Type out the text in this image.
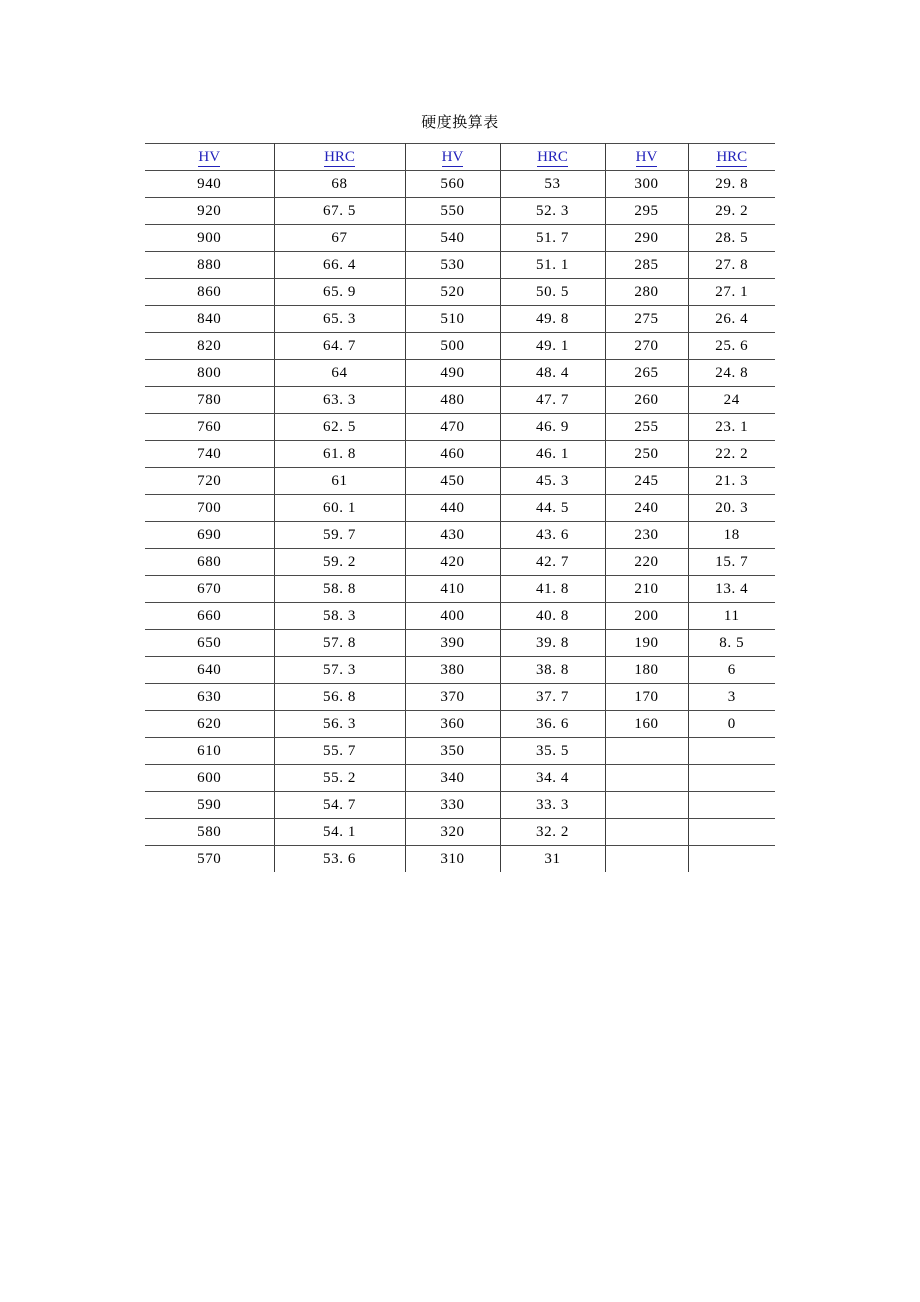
硬度换算表
HV	HRC	HV	HRC	HV	HRC
940	68	560	53	300	29. 8
920	67. 5	550	52. 3	295	29. 2
900	67	540	51. 7	290	28. 5
880	66. 4	530	51. 1	285	27. 8
860	65. 9	520	50. 5	280	27. 1
840	65. 3	510	49. 8	275	26. 4
820	64. 7	500	49. 1	270	25. 6
800	64	490	48. 4	265	24. 8
780	63. 3	480	47. 7	260	24
760	62. 5	470	46. 9	255	23. 1
740	61. 8	460	46. 1	250	22. 2
720	61	450	45. 3	245	21. 3
700	60. 1	440	44. 5	240	20. 3
690	59. 7	430	43. 6	230	18
680	59. 2	420	42. 7	220	15. 7
670	58. 8	410	41. 8	210	13. 4
660	58. 3	400	40. 8	200	11
650	57. 8	390	39. 8	190	8. 5
640	57. 3	380	38. 8	180	6
630	56. 8	370	37. 7	170	3
620	56. 3	360	36. 6	160	0
610	55. 7	350	35. 5		
600	55. 2	340	34. 4		
590	54. 7	330	33. 3		
580	54. 1	320	32. 2		
570	53. 6	310	31		
